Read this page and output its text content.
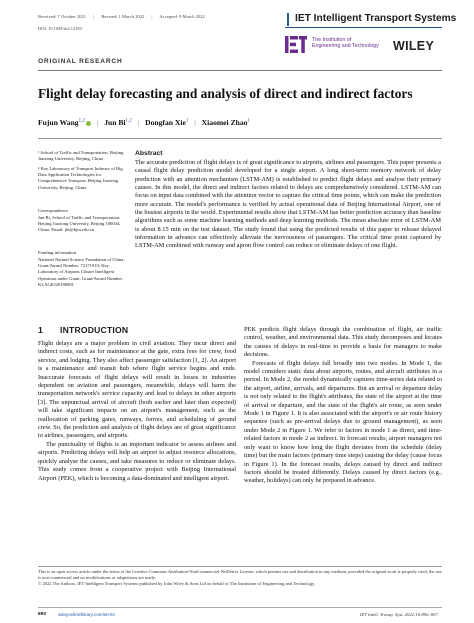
Received: 7 October 2021 | Revised: 1 March 2022 | Accepted: 9 March 2022
DOI: 10.1049/itr2.12183
IET Intelligent Transport Systems
The Institution of
Engineering and Technology WILEY
ORIGINAL RESEARCH
Flight delay forecasting and analysis of direct and indirect factors
Fujun Wang$^{1,2}$ | Jun Bi$^{1,2}$ | Dongfan Xie$^1$ | Xiaomei Zhao$^1$
¹ School of Traffic and Transportation, Beijing Jiaotong University, Beijing, China
² Key Laboratory of Transport Industry of Big Data Application Technologies for Comprehensive Transport, Beijing Jiaotong University, Beijing, China
Correspondence
Jun Bi, School of Traffic and Transportation, Beijing Jiaotong University, Beijing 100044, China. Email: jbi@bjtu.edu.cn
Funding information
National Natural Science Foundation of China, Grant/Award Number: 72171019; Key Laboratory of Airports Cluster Intelligent Operation under Grant, Grant/Award Number: KLAGIO20180801
Abstract

The accurate prediction of flight delays is of great significance to airports, airlines and passengers. This paper presents a causal flight delay prediction model developed for a single airport. A long short-term memory network of delay prediction with an attention mechanism (LSTM-AM) is established to predict flight delays and analyse their primary causes. In this model, the direct and indirect factors related to delays are comprehensively considered. LSTM-AM can focus on input data combined with the attention vector to capture the critical time points, which can make the prediction more accurate. The model's performance is verified by actual operational data of Beijing International Airport, one of the busiest airports in the world. Experimental results show that LSTM-AM has better prediction accuracy than baseline algorithms such as some machine learning methods and deep learning methods. The mean absolute error of LSTM-AM is about 8.15 min on the test dataset. The study found that using the predicted results of this paper to release delayed information in advance can effectively alleviate the nervousness of passengers. The critical time point captured by LSTM-AM combined with runway and apron flow control can reduce or eliminate delays of one flight.

1 INTRODUCTION

Flight delays are a major problem in civil aviation. They incur direct and indirect costs, such as for maintenance at the gate, extra fees for crew, food service, and lodging. They also affect passenger satisfaction [1, 2]. An airport is a maintenance and transit hub where flight service begins and ends. Inaccurate forecasts of flight delays will result in losses to industries dependent on aviation and passengers, meanwhile, delays will harm the transportation network's service capacity and lead to delays in other airports [3]. The unpunctual arrival of aircraft (both earlier and later than expected) will take significant impacts on an airport's management, such as the reallocation of parking gates, runways, ferries, and scheduling of ground crew. So, the prediction and analysis of flight delays are of great significance to airlines, passengers, and airports.

The punctuality of flights is an important indicator to assess airlines and airports. Predicting delays will help an airport to adjust resource allocations, quickly analyse the causes, and take measures to reduce or eliminate delays. This study comes from a cooperative project with Beijing International Airport (PEK), which is becoming a data-dominated and intelligent airport.

PEK predicts flight delays through the combination of flight, air traffic control, weather, and environmental data. This study decomposes and locates the causes of delays in real-time to provide a basis for managers to make decisions.

Forecasts of flight delays fall broadly into two modes. In Mode 1, the model considers static data about airports, routes, and aircraft attributes in a period. In Mode 2, the model dynamically captures time-series data related to the airport, airline, arrivals, and departures. But an arrival or departure delay is not only related to the flight's attributes, the state of the airport at the time of arrival or departure, and the state of the flight's air route, as seen under Mode 1 in Figure 1. It is also associated with the airport's or air route history sequence (such as pre-arrival delays due to ground management), as seen under Mode 2 in Figure 1. We refer to factors in mode 1 as direct, and time-related factors in mode 2 as indirect. In forecast results, airport managers not only want to know how long the flight deviates from the schedule (delay time) but the main factors (primary time steps) causing the delay (cause focus in Figure 1). In the forecast results, delays caused by direct and indirect factors should be treated differently. Delays caused by direct factors (e.g., weather, holidays) can only be prepared in advance.

This is an open access article under the terms of the Creative Commons Attribution-NonCommercial-NoDerivs License, which permits use and distribution in any medium, provided the original work is properly cited, the use is non-commercial and no modifications or adaptations are made.

© 2022 The Authors. IET Intelligent Transport Systems published by John Wiley & Sons Ltd on behalf of The Institution of Engineering and Technology.

890	wileyonlinelibrary.com/iet-its	IET Intell. Transp. Syst. 2022;16:890–907.
